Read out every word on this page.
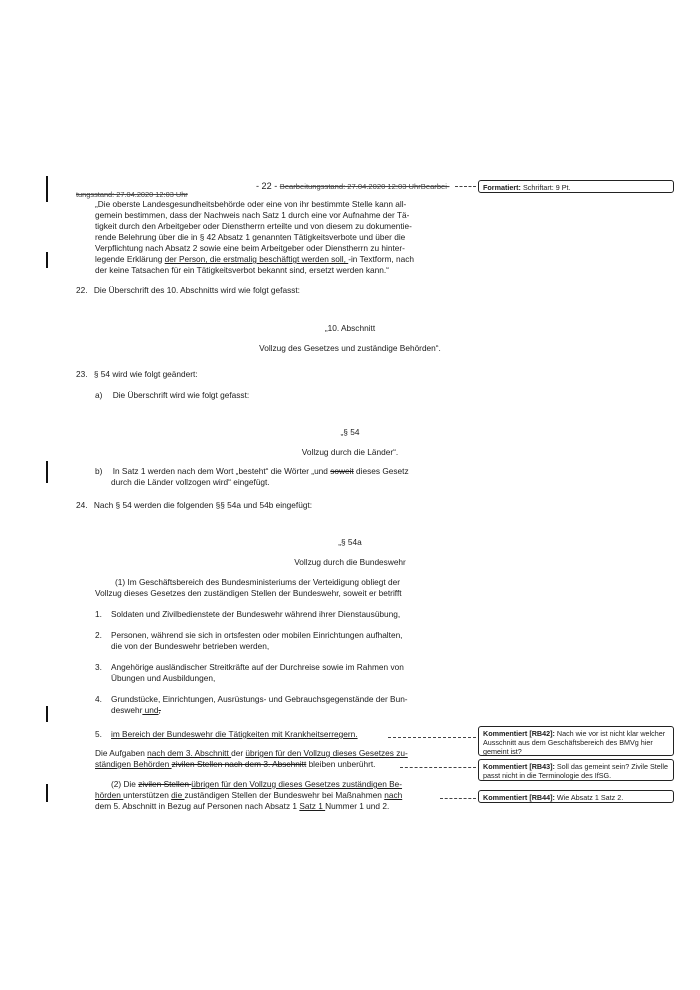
- 22 - Bearbeitungsstand: 27.04.2020 12:03 UhrBearbei-
tungsstand: 27.04.2020 12:03 Uhr
„Die oberste Landesgesundheitsbehörde oder eine von ihr bestimmte Stelle kann all-
gemein bestimmen, dass der Nachweis nach Satz 1 durch eine vor Aufnahme der Tä-
tigkeit durch den Arbeitgeber oder Dienstherrn erteilte und von diesem zu dokumentie-
rende Belehrung über die in § 42 Absatz 1 genannten Tätigkeitsverbote und über die
Verpflichtung nach Absatz 2 sowie eine beim Arbeitgeber oder Dienstherrn zu hinter-
legende Erklärung der Person, die erstmalig beschäftigt werden soll, -in Textform, nach
der keine Tatsachen für ein Tätigkeitsverbot bekannt sind, ersetzt werden kann.“
22. Die Überschrift des 10. Abschnitts wird wie folgt gefasst:
„10. Abschnitt
Vollzug des Gesetzes und zuständige Behörden“.
23. § 54 wird wie folgt geändert:
a) Die Überschrift wird wie folgt gefasst:
„§ 54
Vollzug durch die Länder“.
b) In Satz 1 werden nach dem Wort „besteht“ die Wörter „und soweit dieses Gesetz
durch die Länder vollzogen wird“ eingefügt.
24. Nach § 54 werden die folgenden §§ 54a und 54b eingefügt:
„§ 54a
Vollzug durch die Bundeswehr
(1) Im Geschäftsbereich des Bundesministeriums der Verteidigung obliegt der
Vollzug dieses Gesetzes den zuständigen Stellen der Bundeswehr, soweit er betrifft
1. Soldaten und Zivilbedienstete der Bundeswehr während ihrer Dienstausübung,
2. Personen, während sie sich in ortsfesten oder mobilen Einrichtungen aufhalten,
die von der Bundeswehr betrieben werden,
3. Angehörige ausländischer Streitkräfte auf der Durchreise sowie im Rahmen von
Übungen und Ausbildungen,
4. Grundstücke, Einrichtungen, Ausrüstungs- und Gebrauchsgegenstände der Bun-
deswehr und,
5. im Bereich der Bundeswehr die Tätigkeiten mit Krankheitserregern.
Die Aufgaben nach dem 3. Abschnitt der übrigen für den Vollzug dieses Gesetzes zu-
ständigen Behörden zivilen Stellen nach dem 3. Abschnitt bleiben unberührt.
(2) Die zivilen Stellen übrigen für den Vollzug dieses Gesetzes zuständigen Be-
hörden unterstützen die zuständigen Stellen der Bundeswehr bei Maßnahmen nach
dem 5. Abschnitt in Bezug auf Personen nach Absatz 1 Satz 1 Nummer 1 und 2.
Formatiert: Schriftart: 9 Pt.
Kommentiert [RB42]: Nach wie vor ist nicht klar welcher Ausschnitt aus dem Geschäftsbereich des BMVg hier gemeint ist?
Kommentiert [RB43]: Soll das gemeint sein? Zivile Stelle passt nicht in die Terminologie des IfSG.
Kommentiert [RB44]: Wie Absatz 1 Satz 2.
